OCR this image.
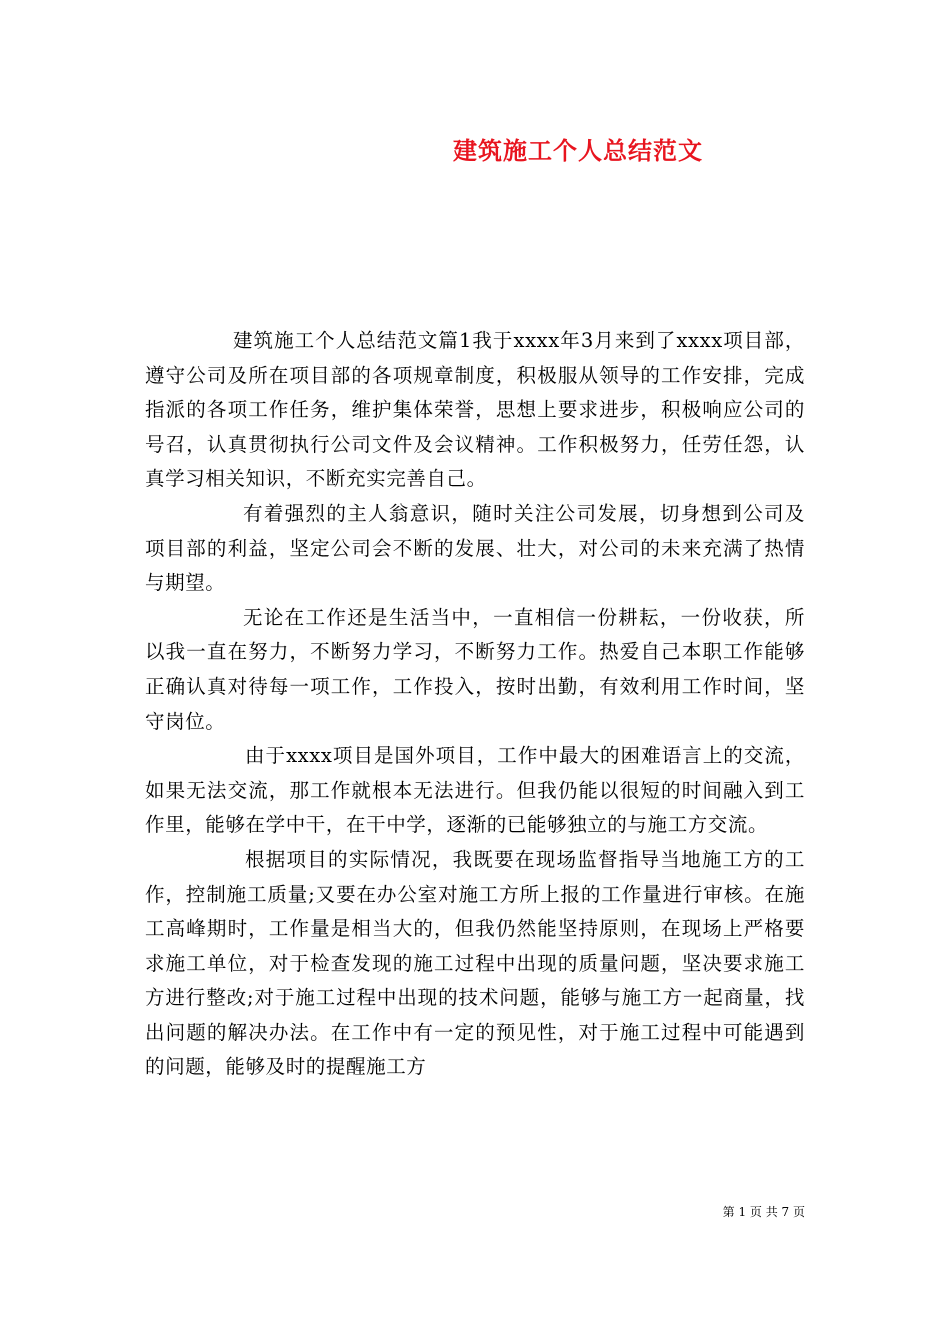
建筑施工个人总结范文

建筑施工个人总结范文篇1我于xxxx年3月来到了xxxx项目部，遵守公司及所在项目部的各项规章制度，积极服从领导的工作安排，完成指派的各项工作任务，维护集体荣誉，思想上要求进步，积极响应公司的号召，认真贯彻执行公司文件及会议精神。工作积极努力，任劳任怨，认真学习相关知识，不断充实完善自己。

有着强烈的主人翁意识，随时关注公司发展，切身想到公司及项目部的利益，坚定公司会不断的发展、壮大，对公司的未来充满了热情与期望。

无论在工作还是生活当中，一直相信一份耕耘，一份收获，所以我一直在努力，不断努力学习，不断努力工作。热爱自己本职工作能够正确认真对待每一项工作，工作投入，按时出勤，有效利用工作时间，坚守岗位。

由于xxxx项目是国外项目，工作中最大的困难语言上的交流，如果无法交流，那工作就根本无法进行。但我仍能以很短的时间融入到工作里，能够在学中干，在干中学，逐渐的已能够独立的与施工方交流。

根据项目的实际情况，我既要在现场监督指导当地施工方的工作，控制施工质量;又要在办公室对施工方所上报的工作量进行审核。在施工高峰期时，工作量是相当大的，但我仍然能坚持原则，在现场上严格要求施工单位，对于检查发现的施工过程中出现的质量问题，坚决要求施工方进行整改;对于施工过程中出现的技术问题，能够与施工方一起商量，找出问题的解决办法。在工作中有一定的预见性，对于施工过程中可能遇到的问题，能够及时的提醒施工方

第 1 页 共 7 页
